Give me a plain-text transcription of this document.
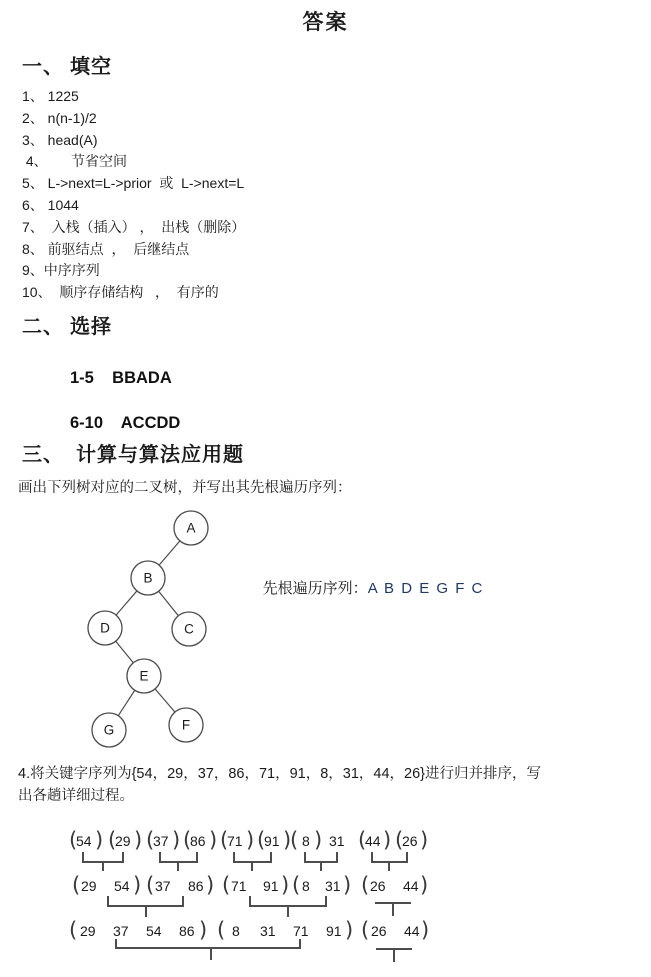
答案
一、 填空
1、 1225
2、 n(n-1)/2
3、 head(A)
4、      节省空间
5、 L->next=L->prior  或  L->next=L
6、 1044
7、  入栈（插入） ，  出栈（删除）
8、 前驱结点  ，  后继结点
9、中序序列
10、  顺序存储结构   ，  有序的
二、 选择
1-5    BBADA
6-10    ACCDD
三、  计算与算法应用题
画出下列树对应的二叉树，并写出其先根遍历序列：

先根遍历序列：A B D E G F C

4.将关键字序列为{54，29，37，86，71，91，8，31，44，26}进行归并排序，写
出各趟详细过程。
A
B
D	C
E
G	F
(
54 ) (
29 ) (
37 ) (
86 ) (
71 ) (
91 )
( 8 ) 31 (
44 ) (
26 )
( 29 54 ) ( 37 86 ) ( 71 91 ) ( 8 31 ) ( 26 44 )
( 29 37 54 86 ) ( 8 31 71 91 ) ( 26 44 )
